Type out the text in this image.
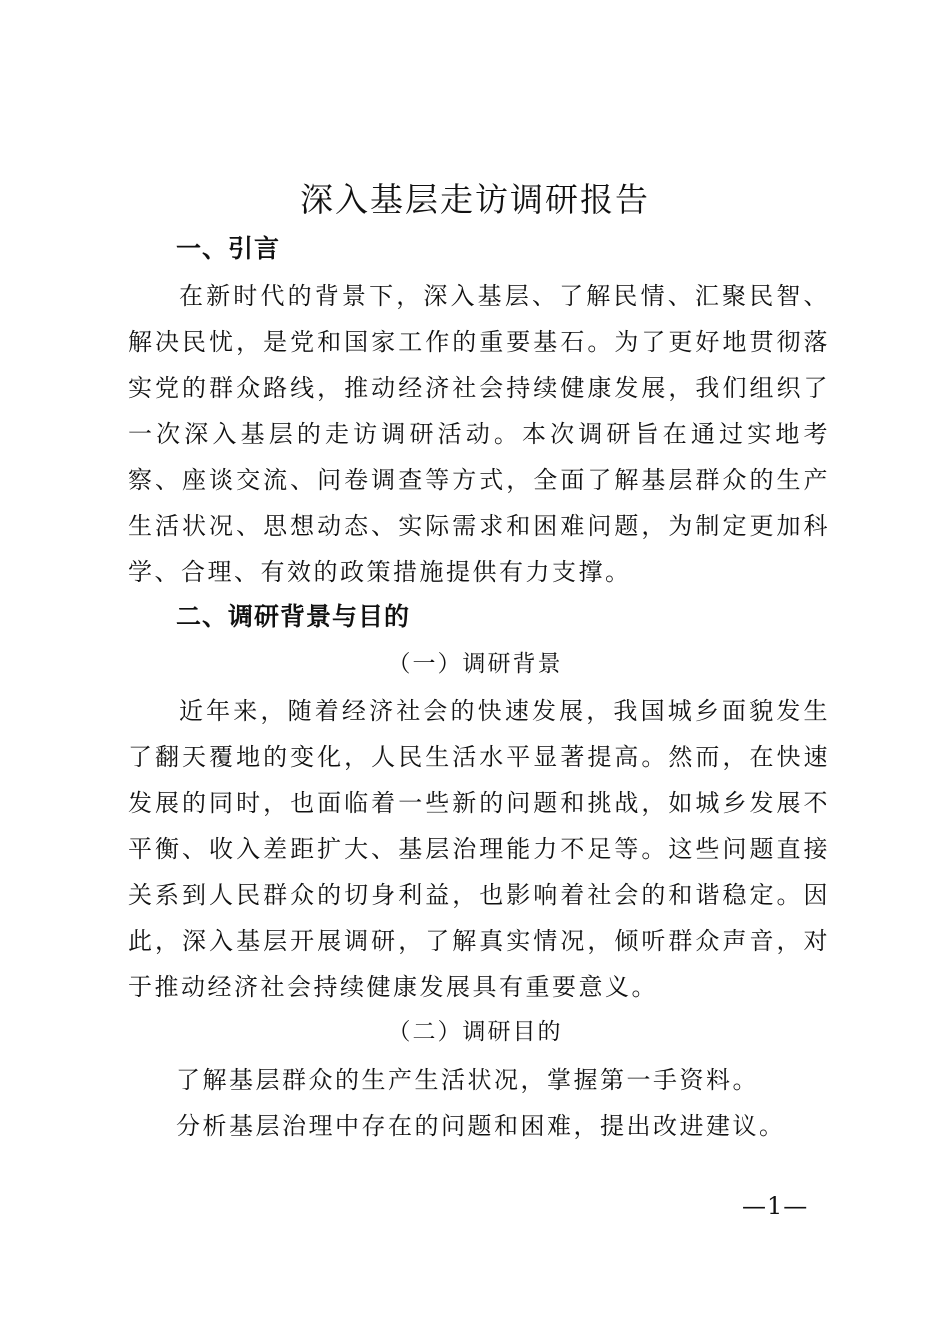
深入基层走访调研报告
一、引言
在新时代的背景下，深入基层、了解民情、汇聚民智、解决民忧，是党和国家工作的重要基石。为了更好地贯彻落实党的群众路线，推动经济社会持续健康发展，我们组织了一次深入基层的走访调研活动。本次调研旨在通过实地考察、座谈交流、问卷调查等方式，全面了解基层群众的生产生活状况、思想动态、实际需求和困难问题，为制定更加科学、合理、有效的政策措施提供有力支撑。
二、调研背景与目的
（一）调研背景
近年来，随着经济社会的快速发展，我国城乡面貌发生了翻天覆地的变化，人民生活水平显著提高。然而，在快速发展的同时，也面临着一些新的问题和挑战，如城乡发展不平衡、收入差距扩大、基层治理能力不足等。这些问题直接关系到人民群众的切身利益，也影响着社会的和谐稳定。因此，深入基层开展调研，了解真实情况，倾听群众声音，对于推动经济社会持续健康发展具有重要意义。
（二）调研目的
了解基层群众的生产生活状况，掌握第一手资料。
分析基层治理中存在的问题和困难，提出改进建议。
—1—
